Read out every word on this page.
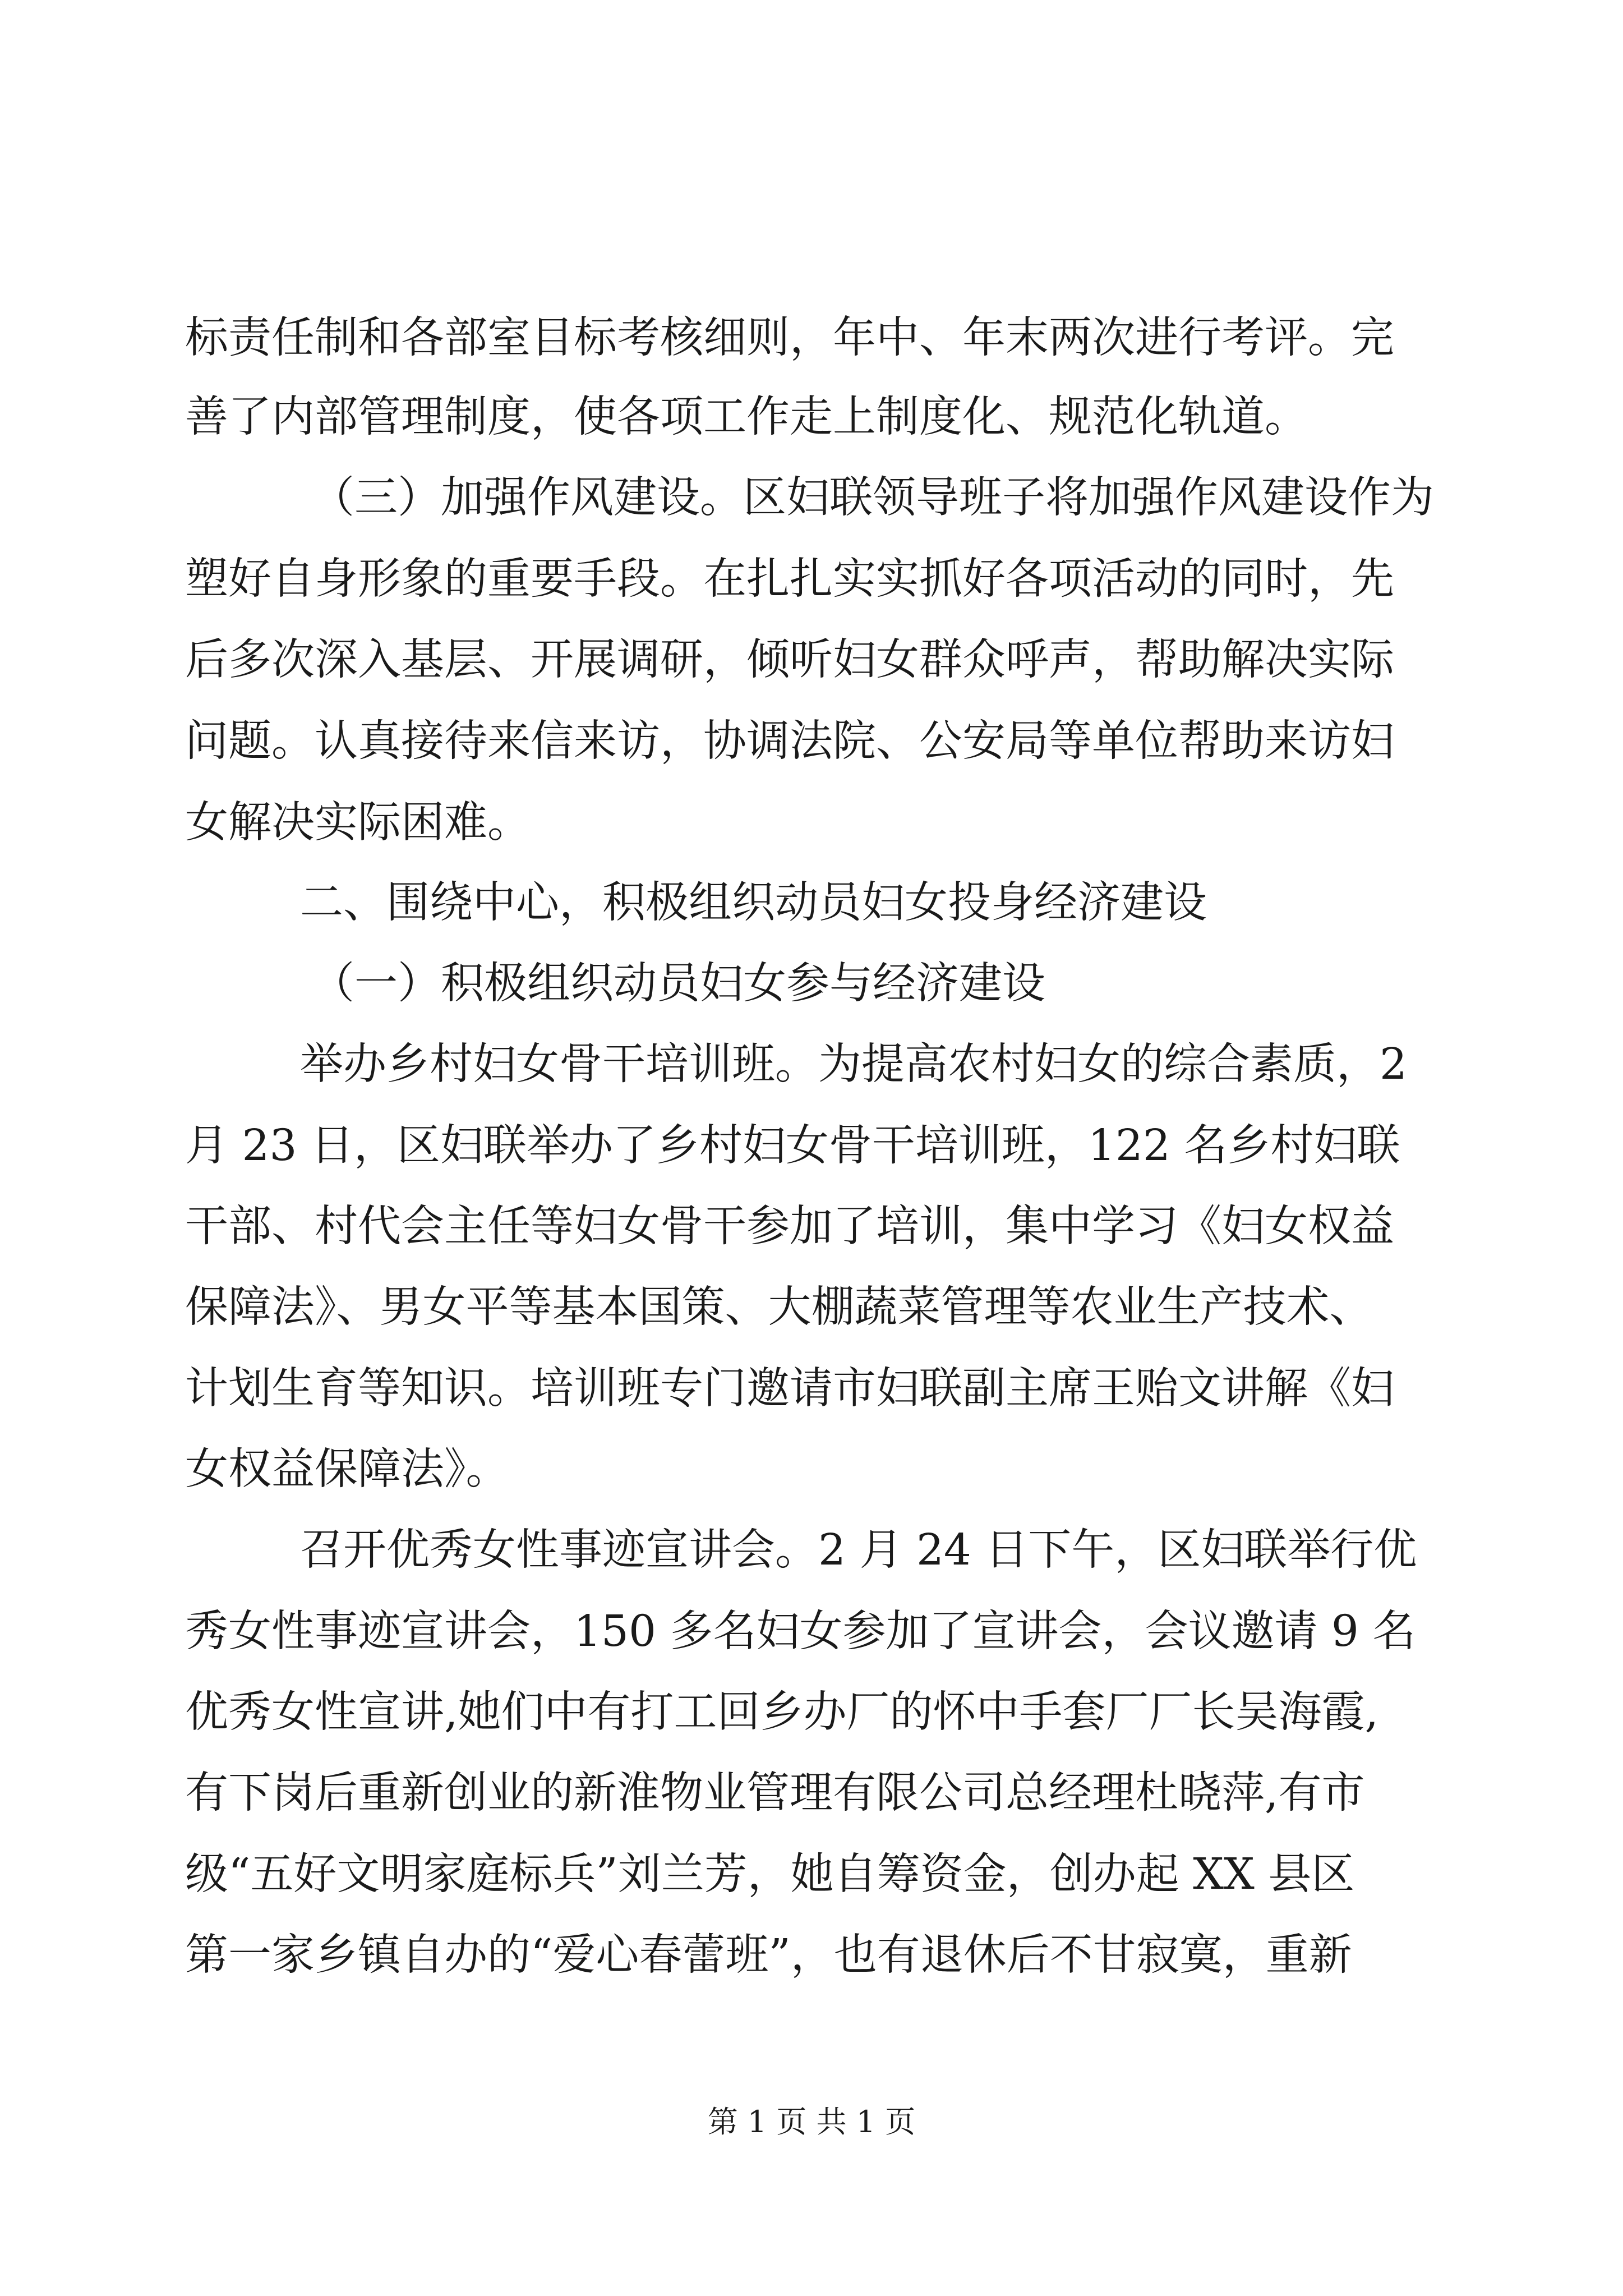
标责任制和各部室目标考核细则，年中、年末两次进行考评。完
善了内部管理制度，使各项工作走上制度化、规范化轨道。
（三）加强作风建设。区妇联领导班子将加强作风建设作为
塑好自身形象的重要手段。在扎扎实实抓好各项活动的同时，先
后多次深入基层、开展调研，倾听妇女群众呼声，帮助解决实际
问题。认真接待来信来访，协调法院、公安局等单位帮助来访妇
女解决实际困难。
二、围绕中心，积极组织动员妇女投身经济建设
（一）积极组织动员妇女参与经济建设
举办乡村妇女骨干培训班。为提高农村妇女的综合素质，2
月 23 日，区妇联举办了乡村妇女骨干培训班，122 名乡村妇联
干部、村代会主任等妇女骨干参加了培训，集中学习《妇女权益
保障法》、男女平等基本国策、大棚蔬菜管理等农业生产技术、
计划生育等知识。培训班专门邀请市妇联副主席王贻文讲解《妇
女权益保障法》。
召开优秀女性事迹宣讲会。2 月 24 日下午，区妇联举行优
秀女性事迹宣讲会，150 多名妇女参加了宣讲会，会议邀请 9 名
优秀女性宣讲,她们中有打工回乡办厂的怀中手套厂厂长吴海霞,
有下岗后重新创业的新淮物业管理有限公司总经理杜晓萍,有市
级“五好文明家庭标兵”刘兰芳，她自筹资金，创办起 XX 县区
第一家乡镇自办的“爱心春蕾班”，也有退休后不甘寂寞，重新
第 1 页 共 1 页
